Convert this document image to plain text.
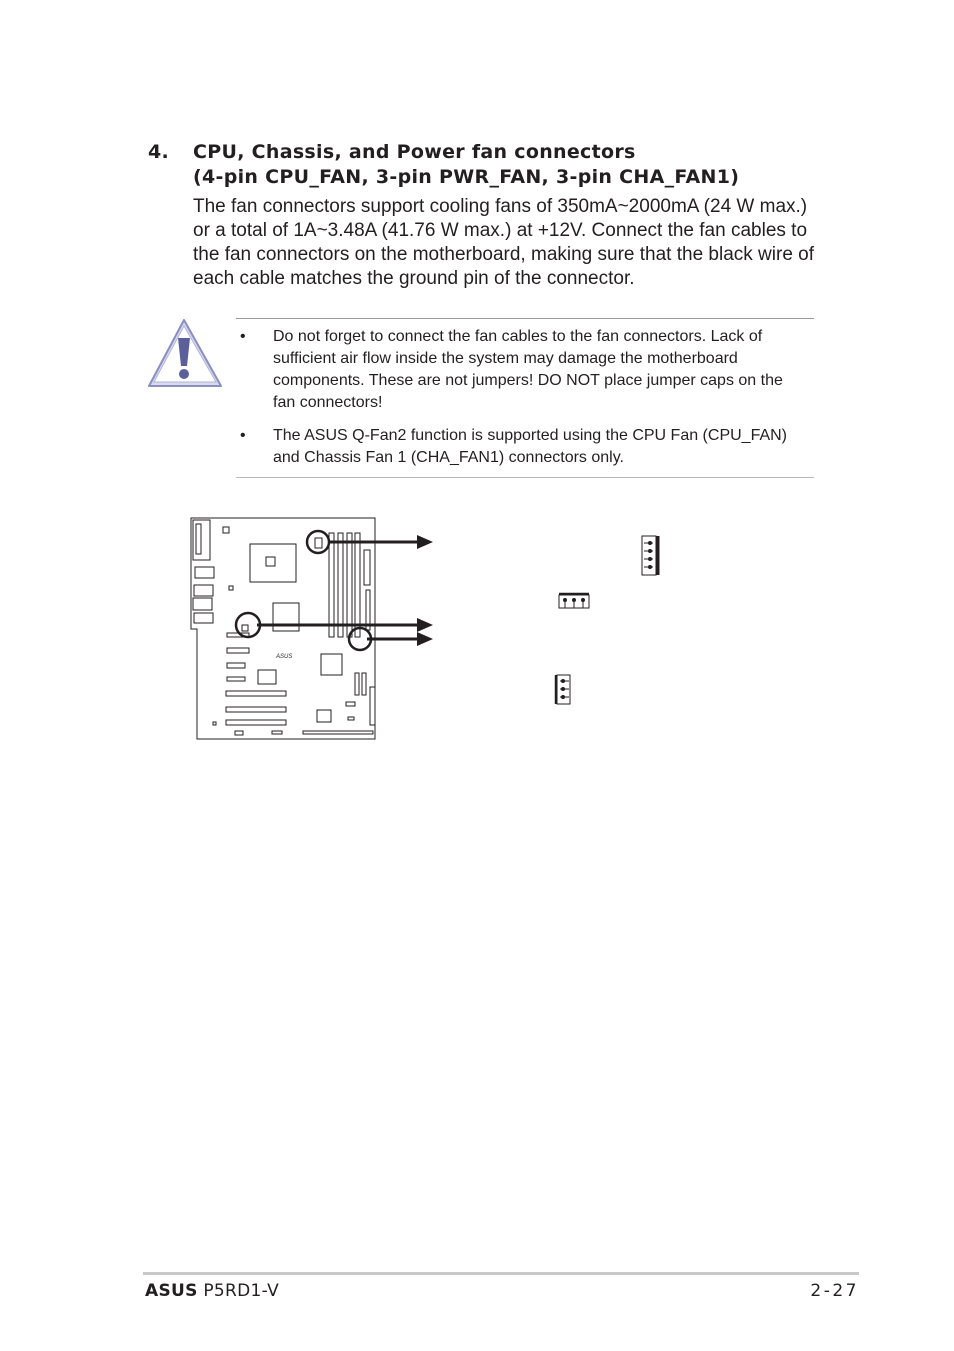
4. CPU, Chassis, and Power fan connectors
(4-pin CPU_FAN, 3-pin PWR_FAN, 3-pin CHA_FAN1)

The fan connectors support cooling fans of 350mA~2000mA (24 W max.) or a total of 1A~3.48A (41.76 W max.) at +12V. Connect the fan cables to the fan connectors on the motherboard, making sure that the black wire of each cable matches the ground pin of the connector.

• Do not forget to connect the fan cables to the fan connectors. Lack of sufficient air flow inside the system may damage the motherboard components. These are not jumpers! DO NOT place jumper caps on the fan connectors!
• The ASUS Q-Fan2 function is supported using the CPU Fan (CPU_FAN) and Chassis Fan 1 (CHA_FAN1) connectors only.
ASUS
ASUS P5RD1-V	2-27
